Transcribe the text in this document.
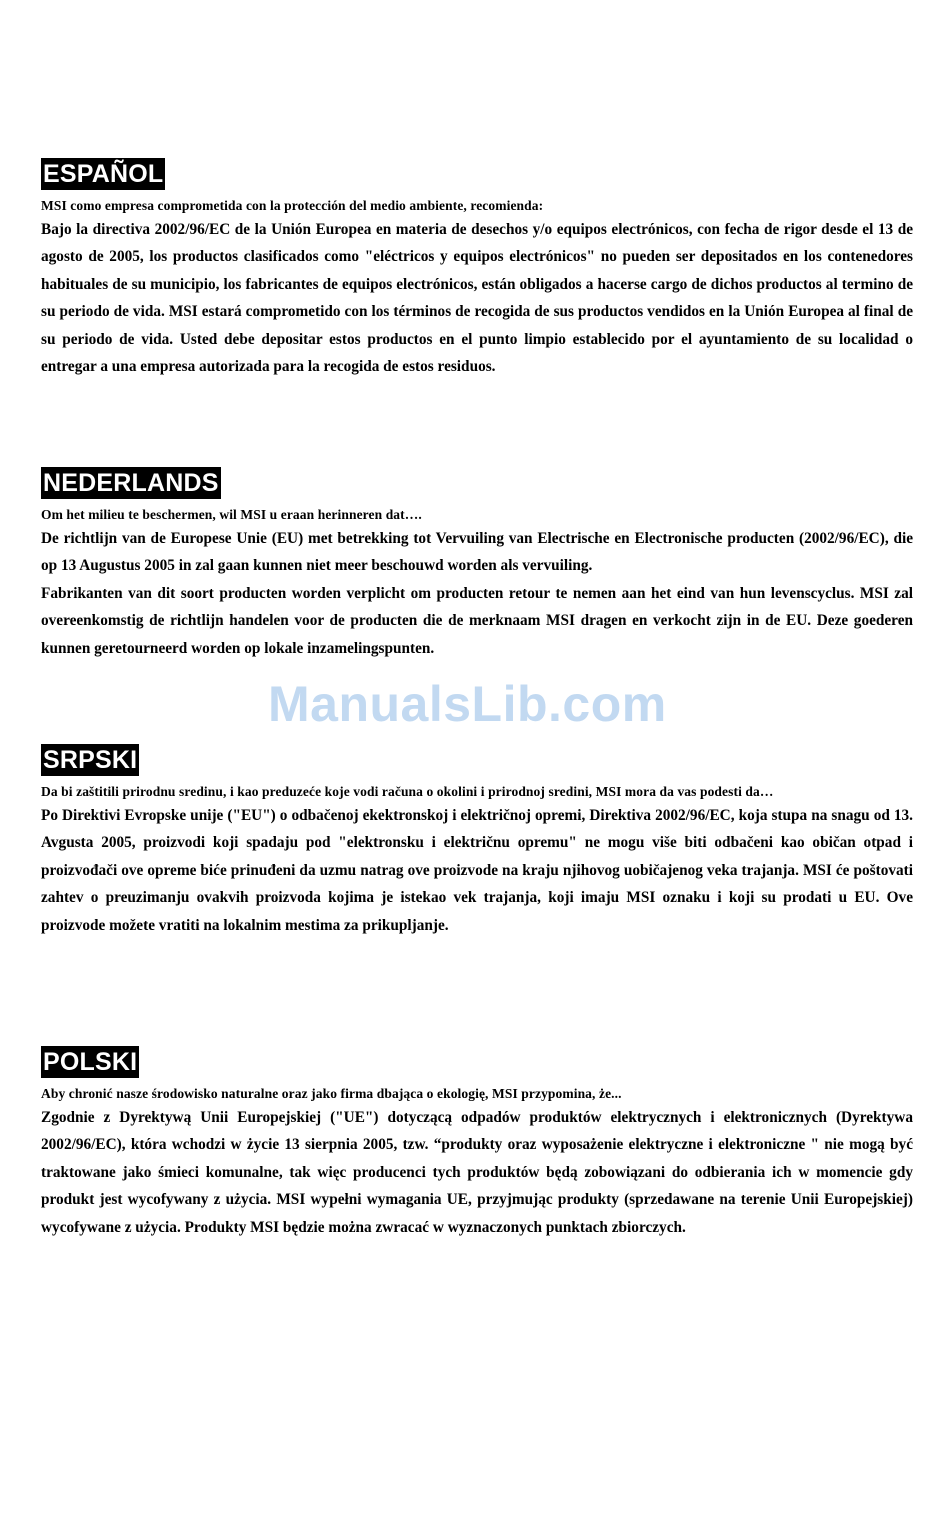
ESPAÑOL
MSI como empresa comprometida con la protección del medio ambiente, recomienda:
Bajo la directiva 2002/96/EC de la Unión Europea en materia de desechos y/o equipos electrónicos, con fecha de rigor desde el 13 de agosto de 2005, los productos clasificados como "eléctricos y equipos electrónicos" no pueden ser depositados en los contenedores habituales de su municipio, los fabricantes de equipos electrónicos, están obligados a hacerse cargo de dichos productos al termino de su periodo de vida. MSI estará comprometido con los términos de recogida de sus productos vendidos en la Unión Europea al final de su periodo de vida. Usted debe depositar estos productos en el punto limpio establecido por el ayuntamiento de su localidad o entregar a una empresa autorizada para la recogida de estos residuos.
NEDERLANDS
Om het milieu te beschermen, wil MSI u eraan herinneren dat….
De richtlijn van de Europese Unie (EU) met betrekking tot Vervuiling van Electrische en Electronische producten (2002/96/EC), die op 13 Augustus 2005 in zal gaan kunnen niet meer beschouwd worden als vervuiling.
Fabrikanten van dit soort producten worden verplicht om producten retour te nemen aan het eind van hun levenscyclus. MSI zal overeenkomstig de richtlijn handelen voor de producten die de merknaam MSI dragen en verkocht zijn in de EU. Deze goederen kunnen geretourneerd worden op lokale inzamelingspunten.
SRPSKI
Da bi zaštitili prirodnu sredinu, i kao preduzeće koje vodi računa o okolini i prirodnoj sredini, MSI mora da vas podesti da…
Po Direktivi Evropske unije ("EU") o odbačenoj ekektronskoj i električnoj opremi, Direktiva 2002/96/EC, koja stupa na snagu od 13. Avgusta 2005, proizvodi koji spadaju pod "elektronsku i električnu opremu" ne mogu više biti odbačeni kao običan otpad i proizvođači ove opreme biće prinuđeni da uzmu natrag ove proizvode na kraju njihovog uobičajenog veka trajanja. MSI će poštovati zahtev o preuzimanju ovakvih proizvoda kojima je istekao vek trajanja, koji imaju MSI oznaku i koji su prodati u EU. Ove proizvode možete vratiti na lokalnim mestima za prikupljanje.
POLSKI
Aby chronić nasze środowisko naturalne oraz jako firma dbająca o ekologię, MSI przypomina, że...
Zgodnie z Dyrektywą Unii Europejskiej ("UE") dotyczącą odpadów produktów elektrycznych i elektronicznych (Dyrektywa 2002/96/EC), która wchodzi w życie 13 sierpnia 2005, tzw. “produkty oraz wyposażenie elektryczne i elektroniczne " nie mogą być traktowane jako śmieci komunalne, tak więc producenci tych produktów będą zobowiązani do odbierania ich w momencie gdy produkt jest wycofywany z użycia. MSI wypełni wymagania UE, przyjmując produkty (sprzedawane na terenie Unii Europejskiej) wycofywane z użycia. Produkty MSI będzie można zwracać w wyznaczonych punktach zbiorczych.
ManualsLib.com
